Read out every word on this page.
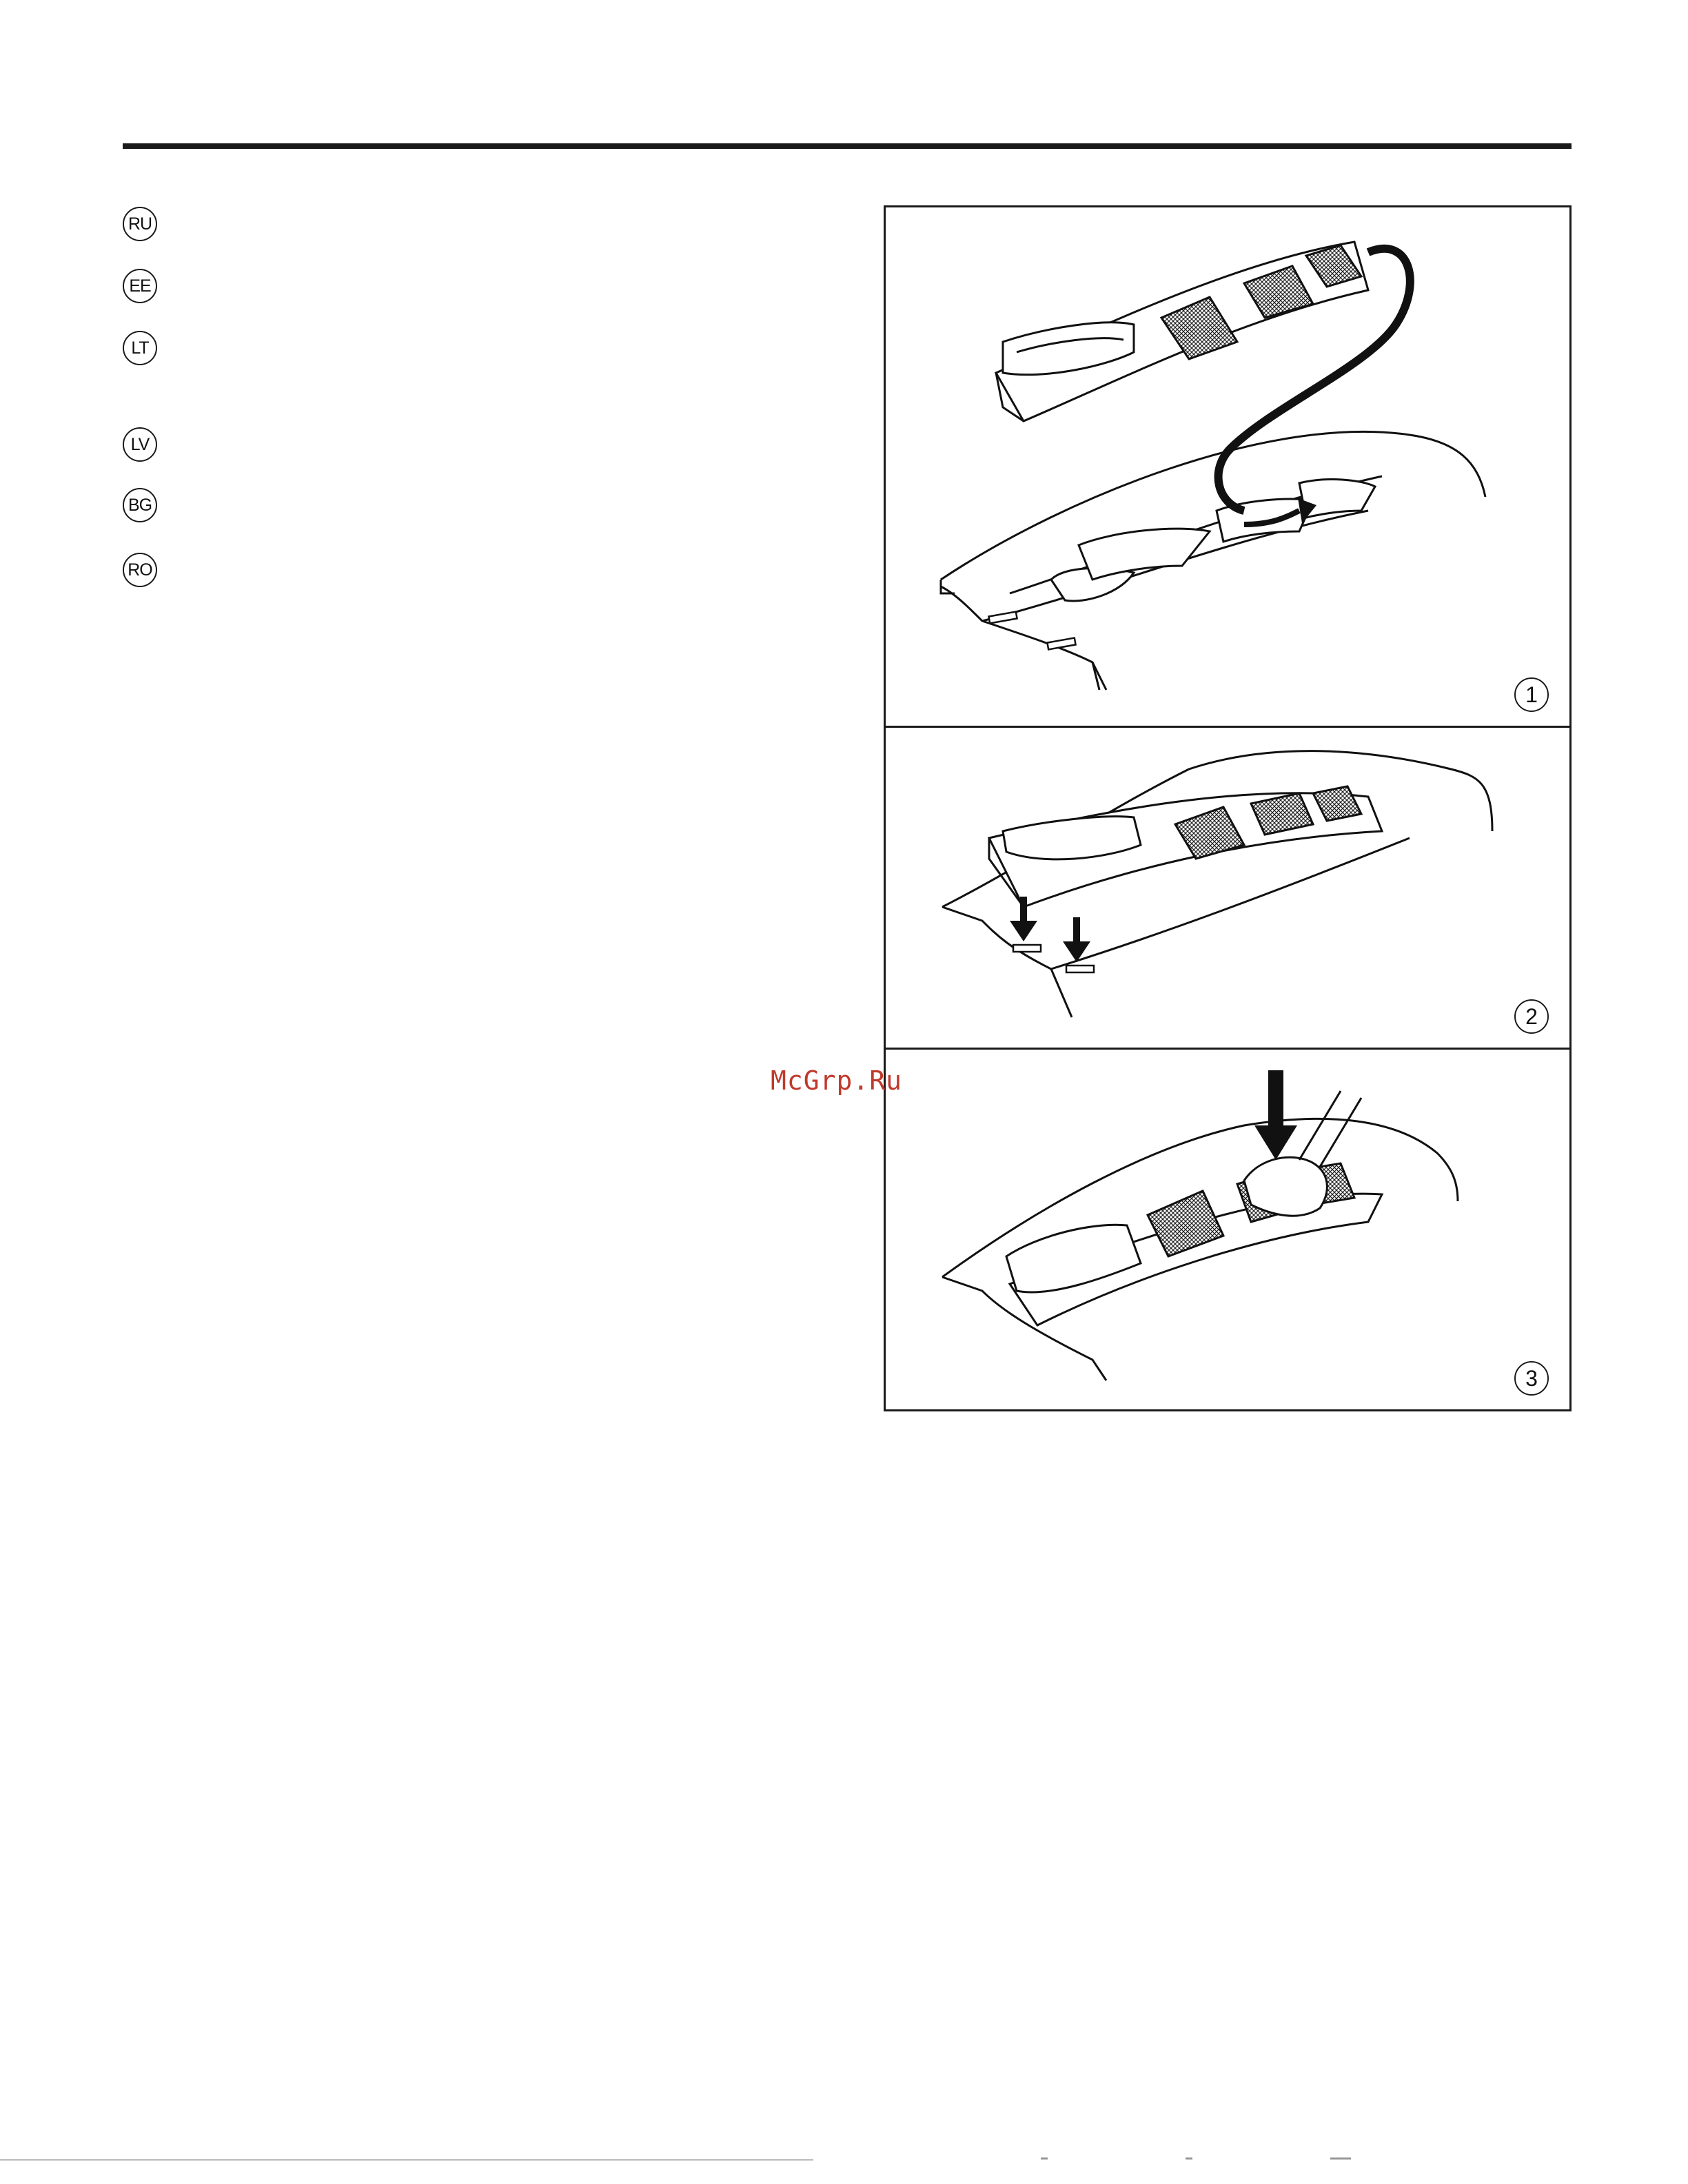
RU
EE
LT
LV
BG
RO
1
2
3
McGrp.Ru
